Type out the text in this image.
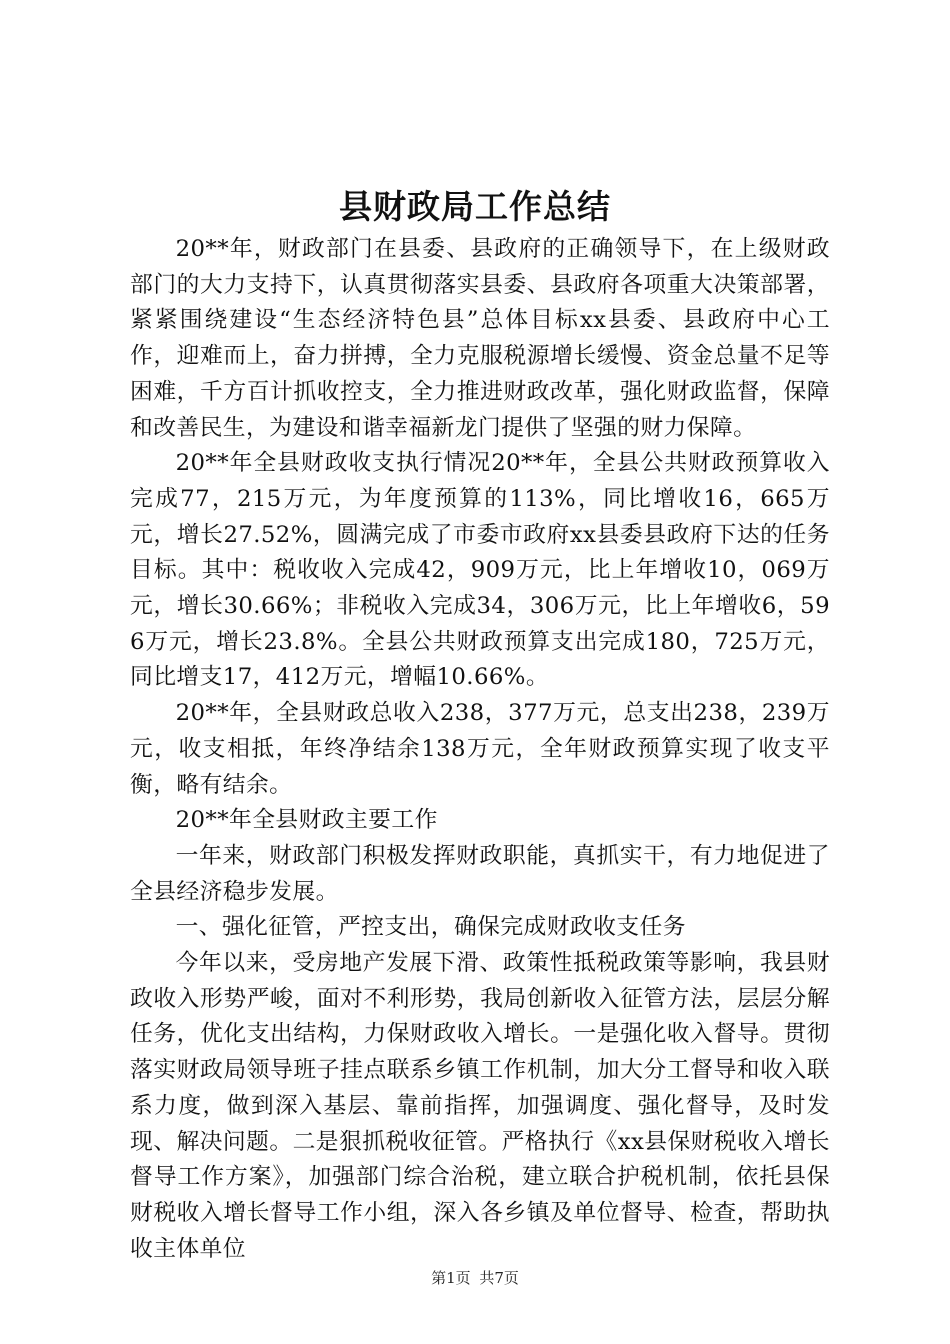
县财政局工作总结

20**年，财政部门在县委、县政府的正确领导下，在上级财政部门的大力支持下，认真贯彻落实县委、县政府各项重大决策部署，紧紧围绕建设“生态经济特色县”总体目标xx县委、县政府中心工作，迎难而上，奋力拼搏，全力克服税源增长缓慢、资金总量不足等困难，千方百计抓收控支，全力推进财政改革，强化财政监督，保障和改善民生，为建设和谐幸福新龙门提供了坚强的财力保障。

20**年全县财政收支执行情况20**年，全县公共财政预算收入完成77，215万元，为年度预算的113%，同比增收16，665万元，增长27.52%，圆满完成了市委市政府xx县委县政府下达的任务目标。其中：税收收入完成42，909万元，比上年增收10，069万元，增长30.66%；非税收入完成34，306万元，比上年增收6，596万元，增长23.8%。全县公共财政预算支出完成180，725万元，同比增支17，412万元，增幅10.66%。

20**年，全县财政总收入238，377万元，总支出238，239万元，收支相抵，年终净结余138万元，全年财政预算实现了收支平衡，略有结余。

20**年全县财政主要工作

一年来，财政部门积极发挥财政职能，真抓实干，有力地促进了全县经济稳步发展。

一、强化征管，严控支出，确保完成财政收支任务

今年以来，受房地产发展下滑、政策性抵税政策等影响，我县财政收入形势严峻，面对不利形势，我局创新收入征管方法，层层分解任务，优化支出结构，力保财政收入增长。一是强化收入督导。贯彻落实财政局领导班子挂点联系乡镇工作机制，加大分工督导和收入联系力度，做到深入基层、靠前指挥，加强调度、强化督导，及时发现、解决问题。二是狠抓税收征管。严格执行《xx县保财税收入增长督导工作方案》，加强部门综合治税，建立联合护税机制，依托县保财税收入增长督导工作小组，深入各乡镇及单位督导、检查，帮助执收主体单位

第1页 共7页
